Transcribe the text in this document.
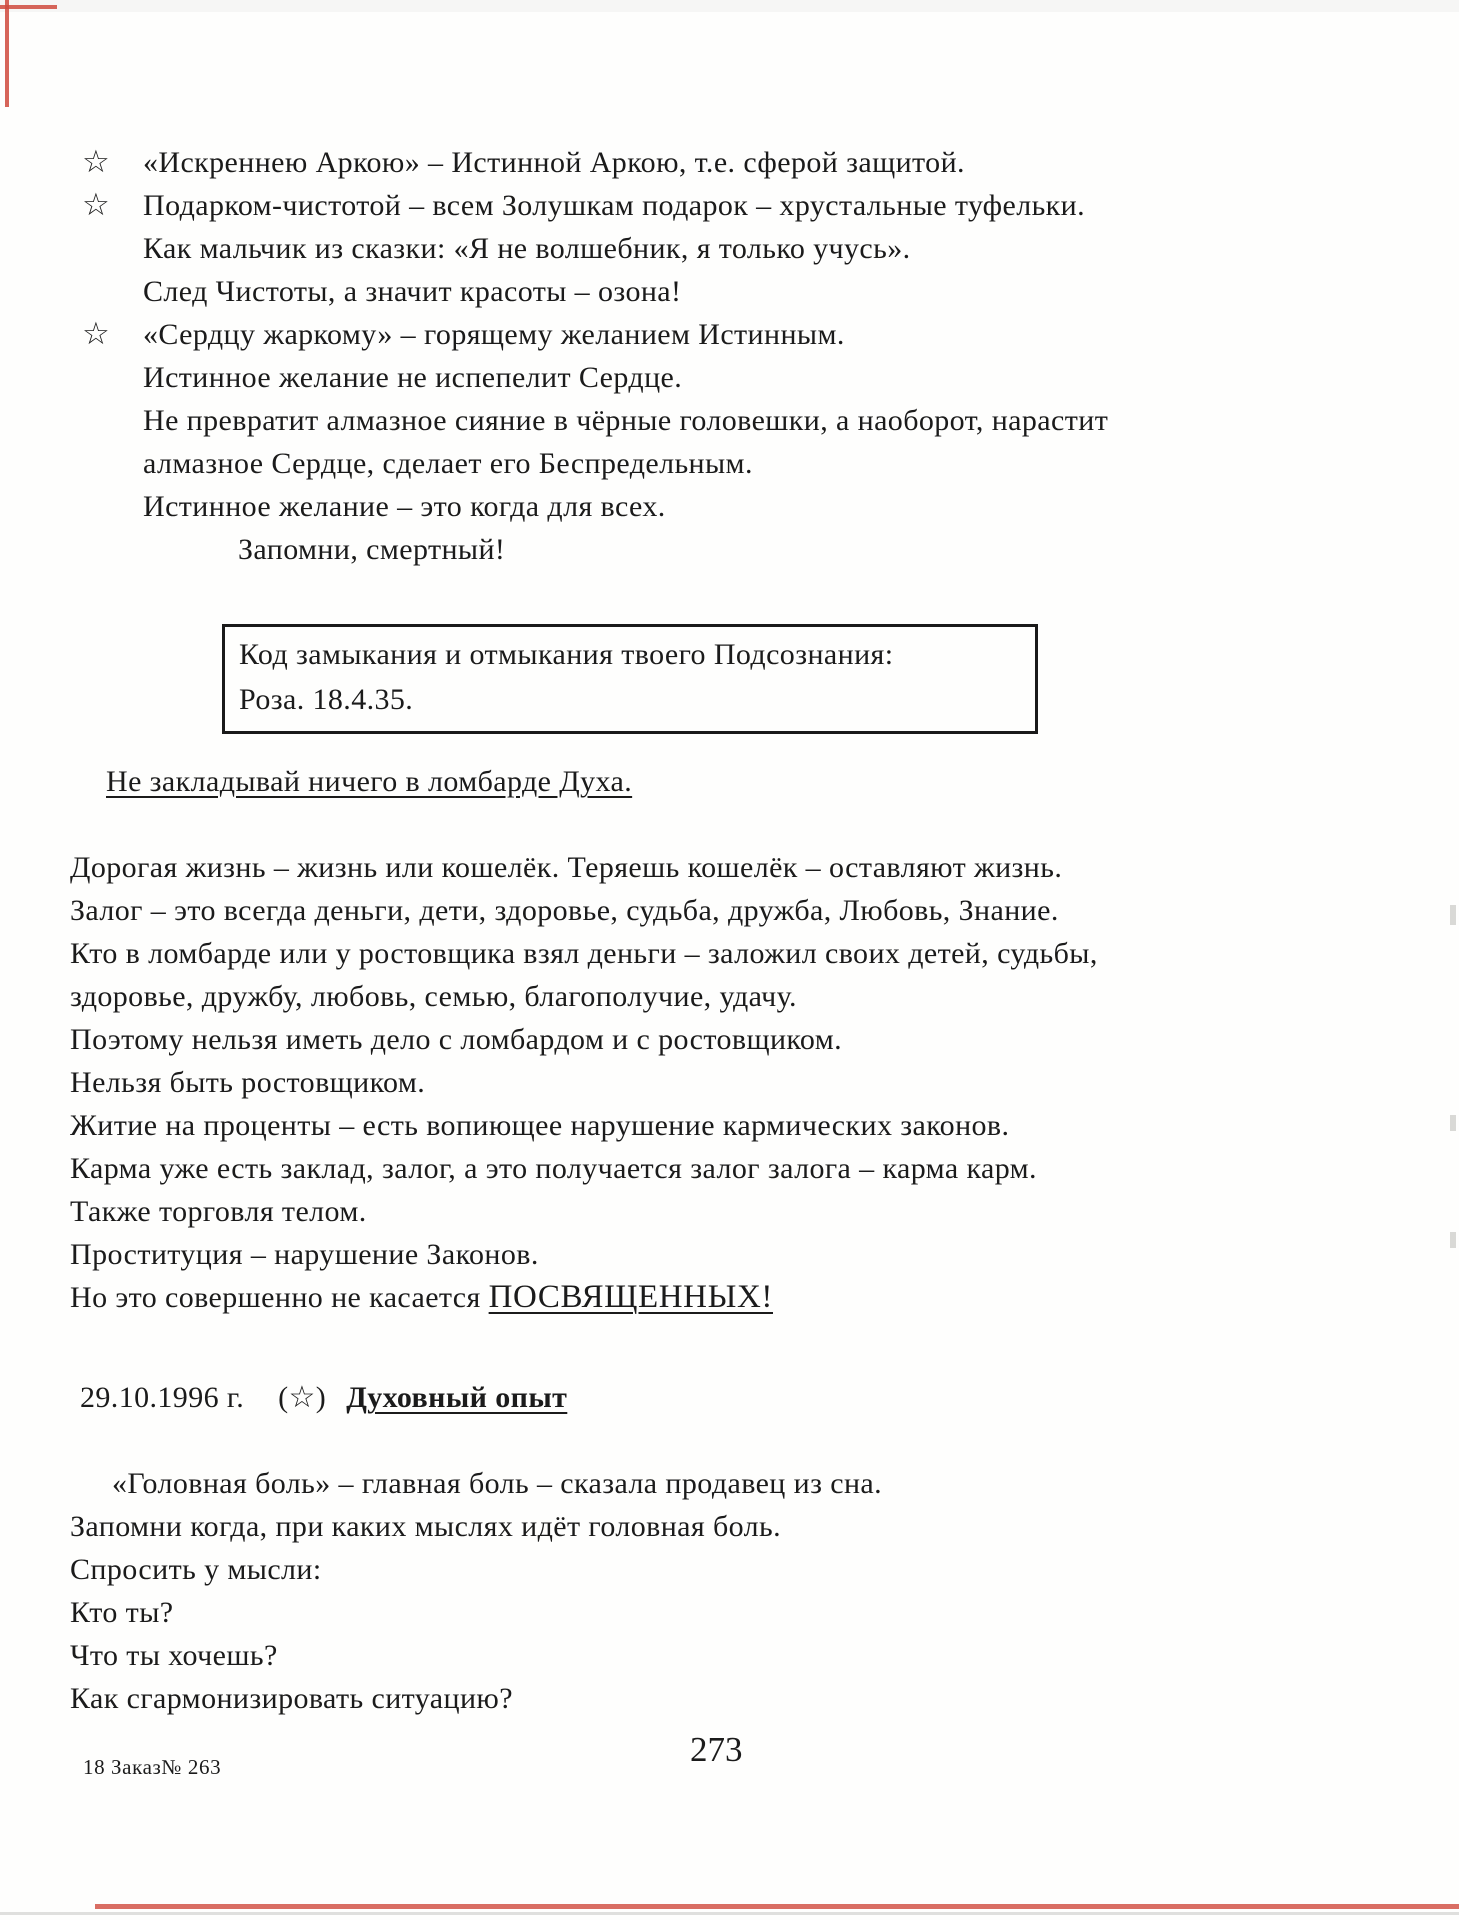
☆ «Искреннею Аркою» – Истинной Аркою, т.е. сферой защитой.
☆ Подарком-чистотой – всем Золушкам подарок – хрустальные туфельки.
Как мальчик из сказки: «Я не волшебник, я только учусь».
След Чистоты, а значит красоты – озона!
☆ «Сердцу жаркому» – горящему желанием Истинным.
Истинное желание не испепелит Сердце.
Не превратит алмазное сияние в чёрные головешки, а наоборот, нарастит
алмазное Сердце, сделает его Беспредельным.
Истинное желание – это когда для всех.
Запомни, смертный!
Код замыкания и отмыкания твоего Подсознания:
Роза. 18.4.35.
Не закладывай ничего в ломбарде Духа.
Дорогая жизнь – жизнь или кошелёк. Теряешь кошелёк – оставляют жизнь.
Залог – это всегда деньги, дети, здоровье, судьба, дружба, Любовь, Знание.
Кто в ломбарде или у ростовщика взял деньги – заложил своих детей, судьбы,
здоровье, дружбу, любовь, семью, благополучие, удачу.
Поэтому нельзя иметь дело с ломбардом и с ростовщиком.
Нельзя быть ростовщиком.
Житие на проценты – есть вопиющее нарушение кармических законов.
Карма уже есть заклад, залог, а это получается залог залога – карма карм.
Также торговля телом.
Проституция – нарушение Законов.
Но это совершенно не касается ПОСВЯЩЕННЫХ!
29.10.1996 г. (☆) Духовный опыт
«Головная боль» – главная боль – сказала продавец из сна.
Запомни когда, при каких мыслях идёт головная боль.
Спросить у мысли:
Кто ты?
Что ты хочешь?
Как сгармонизировать ситуацию?
18 Заказ№ 263	273
